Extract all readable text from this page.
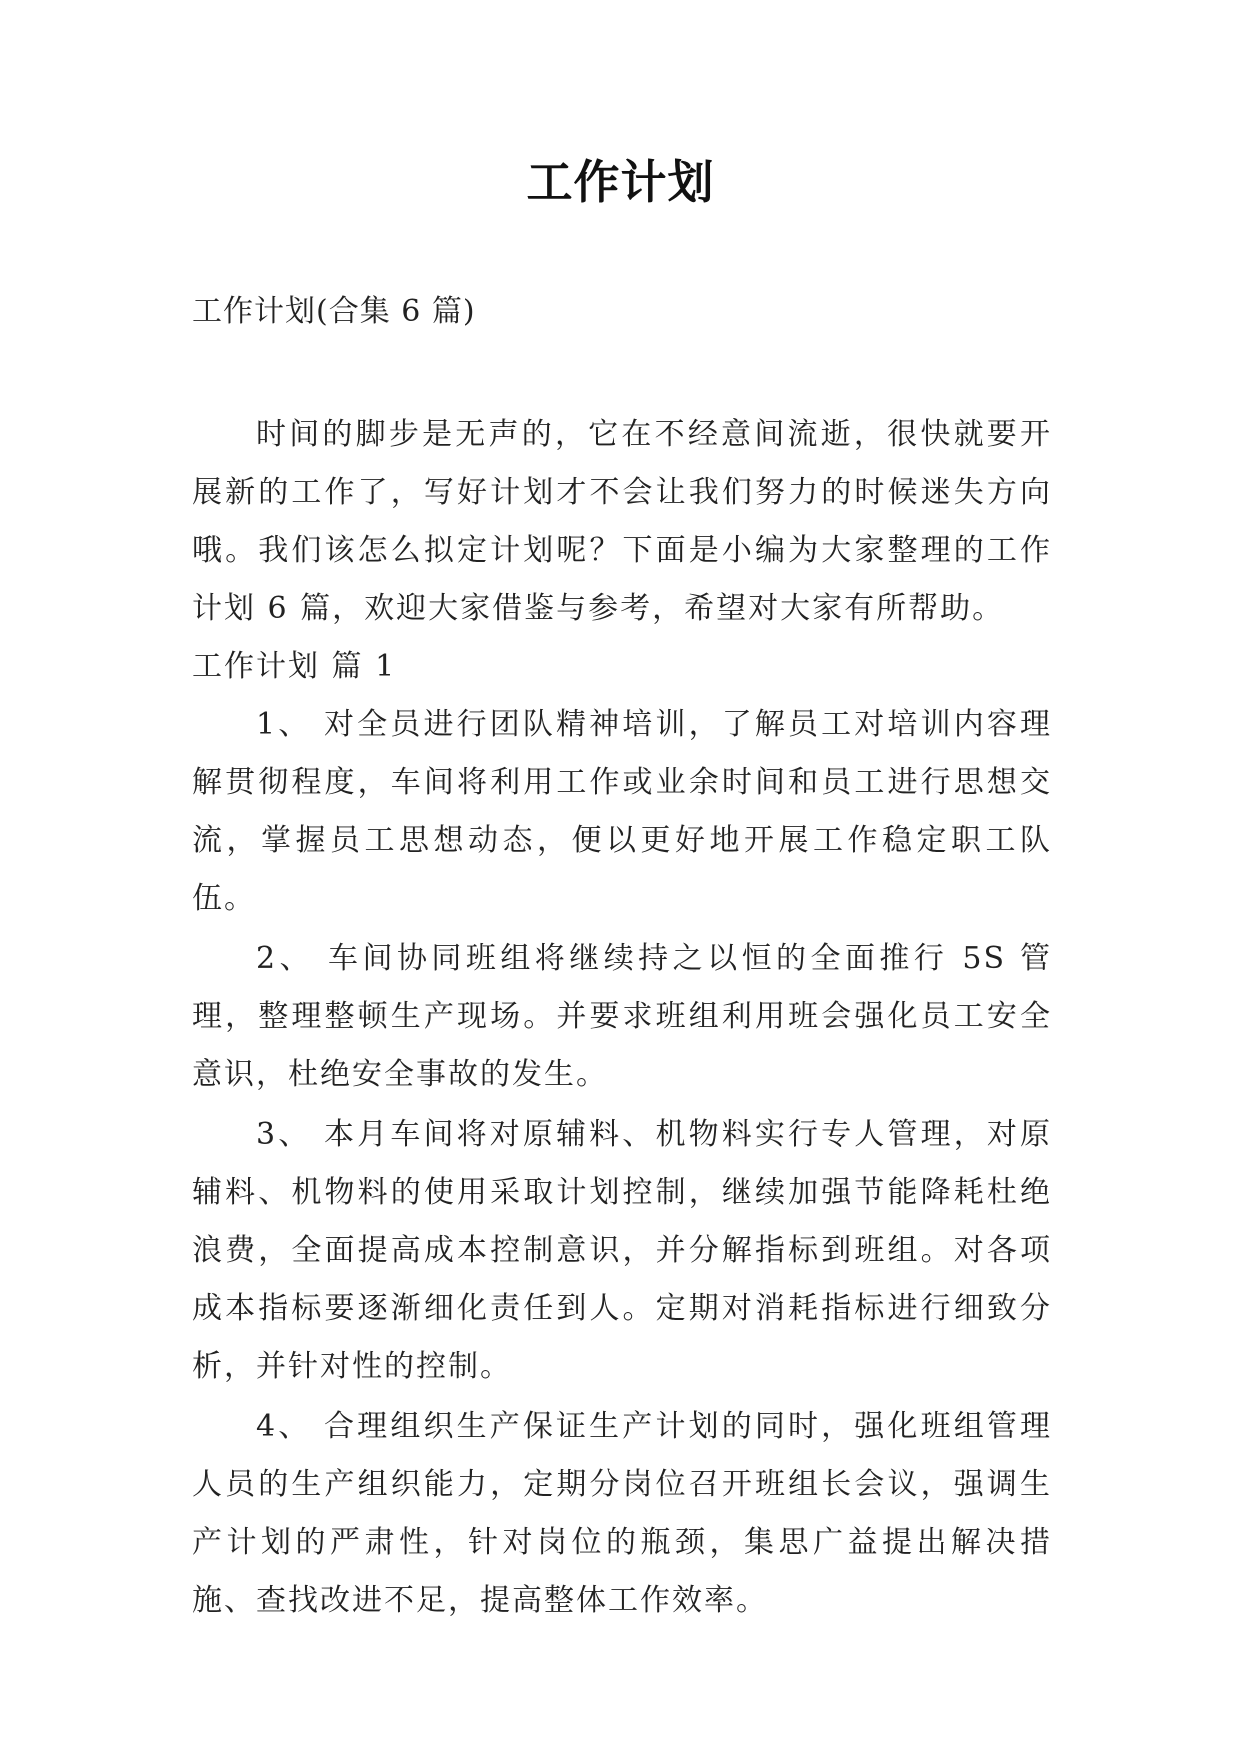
工作计划
工作计划(合集 6 篇)

时间的脚步是无声的，它在不经意间流逝，很快就要开展新的工作了，写好计划才不会让我们努力的时候迷失方向哦。我们该怎么拟定计划呢？下面是小编为大家整理的工作计划 6 篇，欢迎大家借鉴与参考，希望对大家有所帮助。

工作计划 篇 1

1、 对全员进行团队精神培训，了解员工对培训内容理解贯彻程度，车间将利用工作或业余时间和员工进行思想交流，掌握员工思想动态，便以更好地开展工作稳定职工队伍。

2、 车间协同班组将继续持之以恒的全面推行 5S 管理，整理整顿生产现场。并要求班组利用班会强化员工安全意识，杜绝安全事故的发生。

3、 本月车间将对原辅料、机物料实行专人管理，对原辅料、机物料的使用采取计划控制，继续加强节能降耗杜绝浪费，全面提高成本控制意识，并分解指标到班组。对各项成本指标要逐渐细化责任到人。定期对消耗指标进行细致分析，并针对性的控制。

4、 合理组织生产保证生产计划的同时，强化班组管理人员的生产组织能力，定期分岗位召开班组长会议，强调生产计划的严肃性，针对岗位的瓶颈，集思广益提出解决措施、查找改进不足，提高整体工作效率。
